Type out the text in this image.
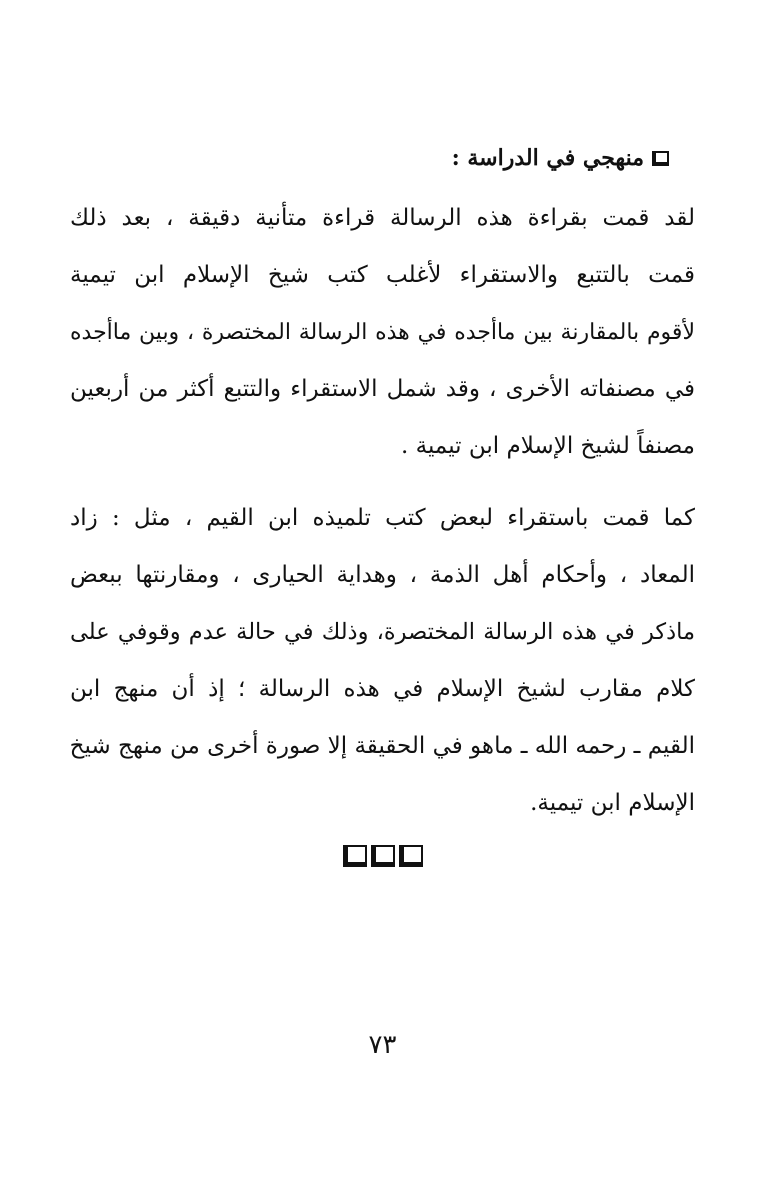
منهجي في الدراسة :
لقد قمت بقراءة هذه الرسالة قراءة متأنية دقيقة ، بعد ذلك
قمت بالتتبع والاستقراء لأغلب كتب شيخ الإسلام ابن تيمية
لأقوم بالمقارنة بين ماأجده في هذه الرسالة المختصرة ، وبين ماأجده
في مصنفاته الأخرى ، وقد شمل الاستقراء والتتبع أكثر من أربعين
مصنفاً لشيخ الإسلام ابن تيمية .
كما قمت باستقراء لبعض كتب تلميذه ابن القيم ، مثل : زاد
المعاد ، وأحكام أهل الذمة ، وهداية الحيارى ، ومقارنتها ببعض
ماذكر في هذه الرسالة المختصرة، وذلك في حالة عدم وقوفي على
كلام مقارب لشيخ الإسلام في هذه الرسالة ؛ إذ أن منهج ابن
القيم ـ رحمه الله ـ ماهو في الحقيقة إلا صورة أخرى من منهج شيخ
الإسلام ابن تيمية.
٧٣
